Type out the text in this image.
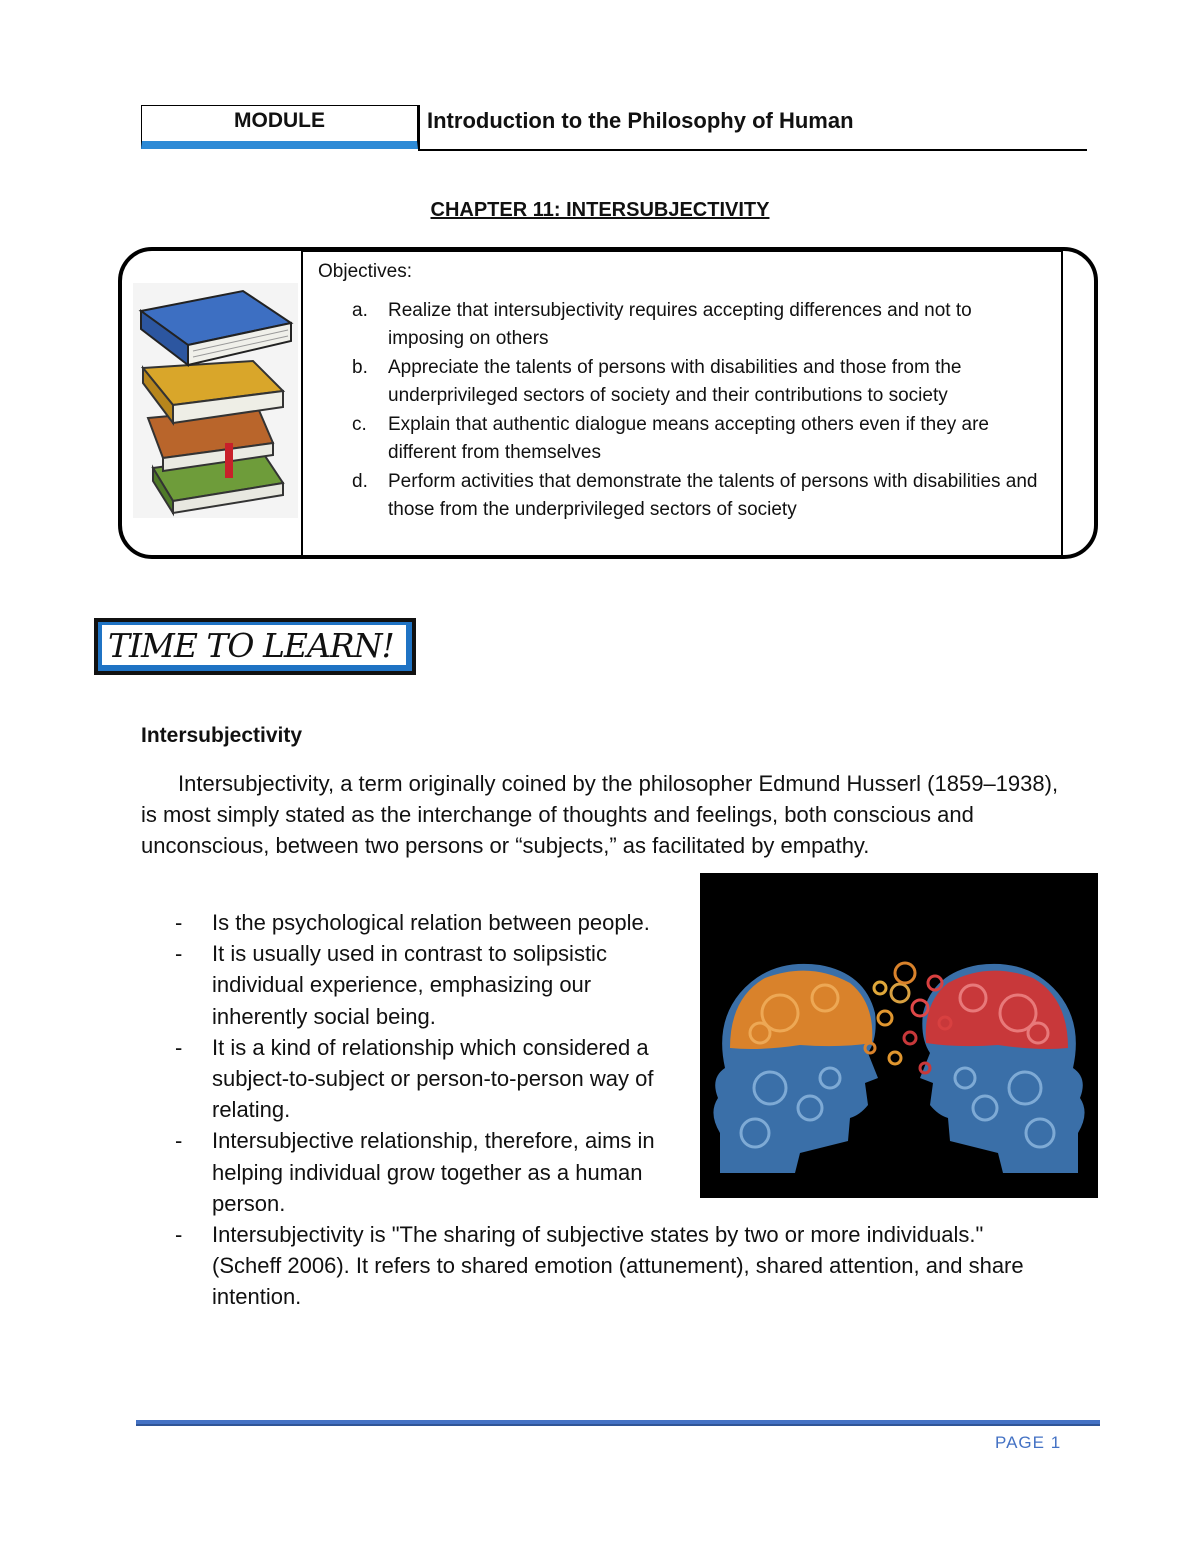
MODULE	Introduction to the Philosophy of Human
CHAPTER 11: INTERSUBJECTIVITY
Objectives:
a. Realize that intersubjectivity requires accepting differences and not to imposing on others
b. Appreciate the talents of persons with disabilities and those from the underprivileged sectors of society and their contributions to society
c. Explain that authentic dialogue means accepting others even if they are different from themselves
d. Perform activities that demonstrate the talents of persons with disabilities and those from the underprivileged sectors of society
TIME TO LEARN!
Intersubjectivity

Intersubjectivity, a term originally coined by the philosopher Edmund Husserl (1859–1938), is most simply stated as the interchange of thoughts and feelings, both conscious and unconscious, between two persons or “subjects,” as facilitated by empathy.

- Is the psychological relation between people.
- It is usually used in contrast to solipsistic individual experience, emphasizing our inherently social being.
- It is a kind of relationship which considered a subject-to-subject or person-to-person way of relating.
- Intersubjective relationship, therefore, aims in helping individual grow together as a human person.
- Intersubjectivity is "The sharing of subjective states by two or more individuals." (Scheff 2006). It refers to shared emotion (attunement), shared attention, and share intention.
PAGE 1
